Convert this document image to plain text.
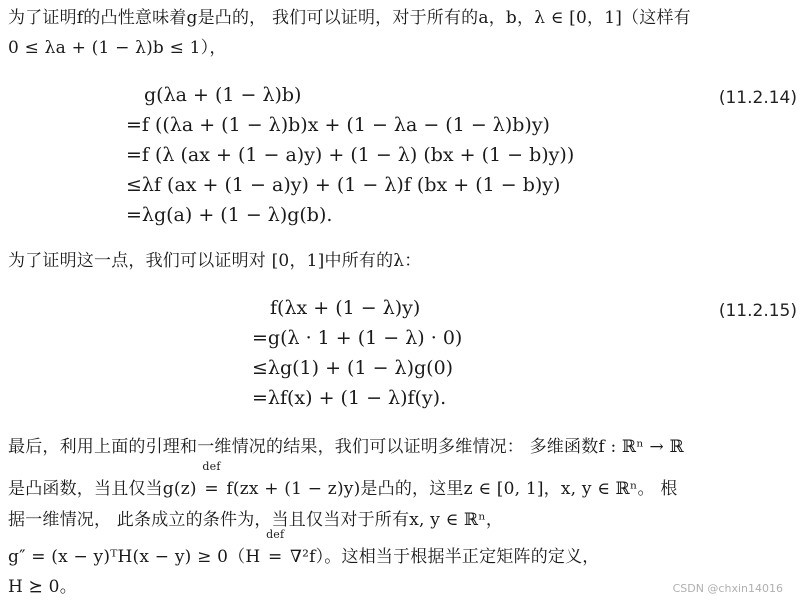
为了证明f的凸性意味着g是凸的， 我们可以证明，对于所有的a，b，λ ∈ [0，1]（这样有
0 ≤ λa + (1 − λ)b ≤ 1），
g(λa + (1 − λ)b)
=f ((λa + (1 − λ)b)x + (1 − λa − (1 − λ)b)y)
=f (λ (ax + (1 − a)y) + (1 − λ) (bx + (1 − b)y))
≤λf (ax + (1 − a)y) + (1 − λ)f (bx + (1 − b)y)
=λg(a) + (1 − λ)g(b).
(11.2.14)
为了证明这一点，我们可以证明对 [0，1]中所有的λ：
f(λx + (1 − λ)y)
=g(λ · 1 + (1 − λ) · 0)
≤λg(1) + (1 − λ)g(0)
=λf(x) + (1 − λ)f(y).
(11.2.15)
最后，利用上面的引理和一维情况的结果，我们可以证明多维情况： 多维函数f : ℝⁿ → ℝ
是凸函数，当且仅当g(z)
def
= f(zx + (1 − z)y)是凸的，这里z ∈ [0, 1]，x, y ∈ ℝⁿ。 根
据一维情况， 此条成立的条件为，当且仅当对于所有x, y ∈ ℝⁿ，
g″ = (x − y)ᵀH(x − y) ≥ 0（H
def
= ∇²f）。这相当于根据半正定矩阵的定义，
H ⪰ 0。	CSDN @chxin14016
